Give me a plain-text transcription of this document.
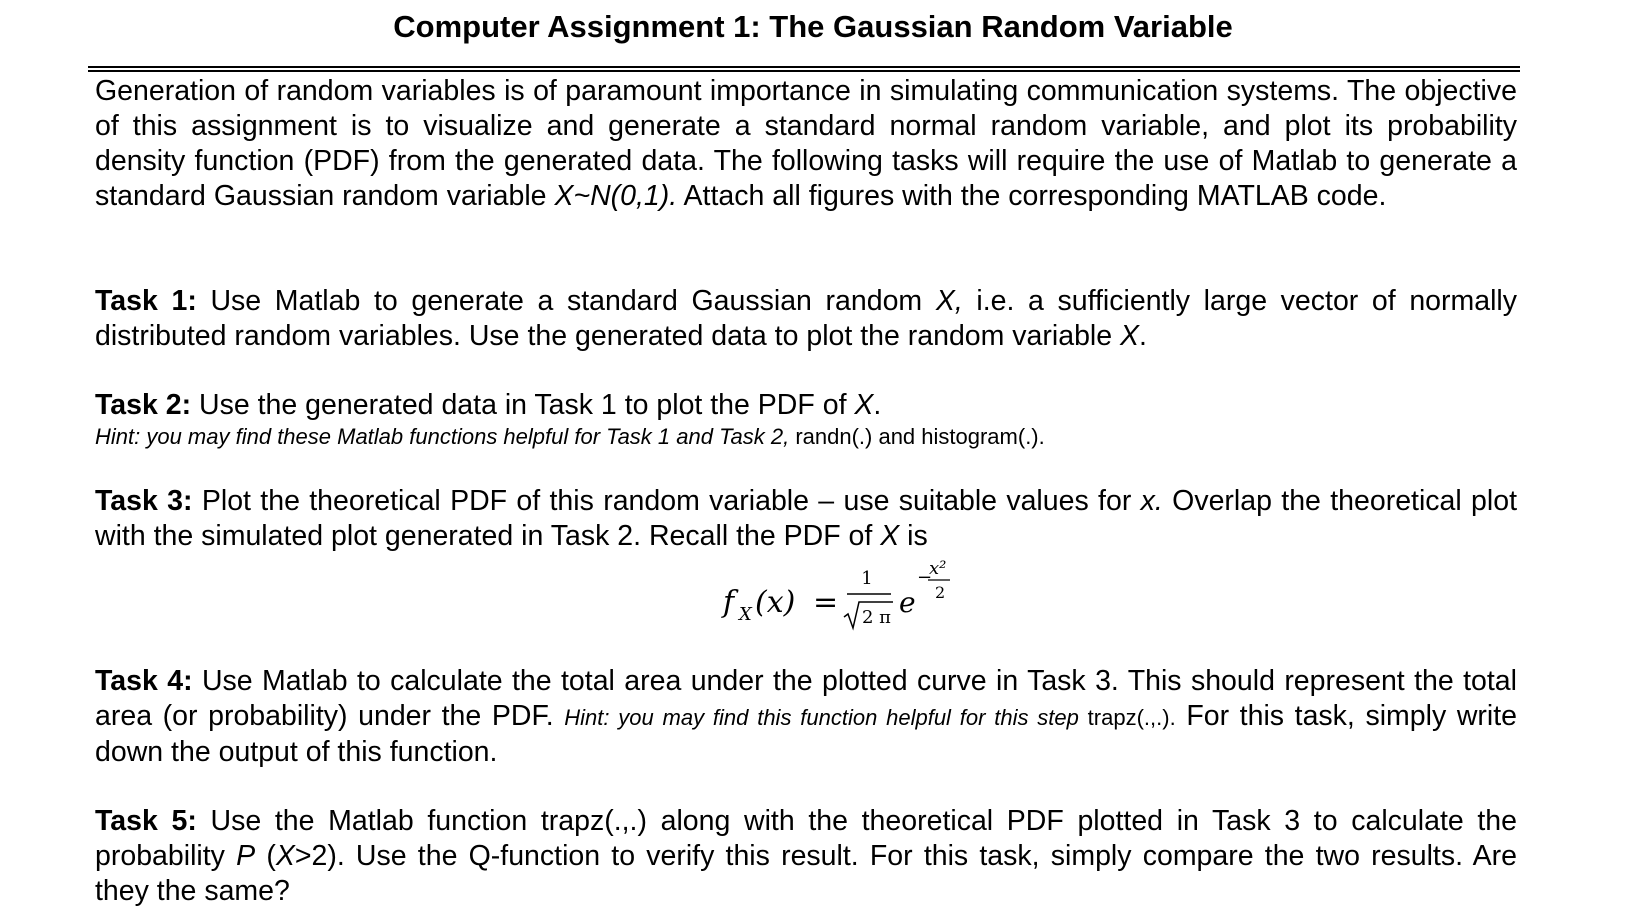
Computer Assignment 1: The Gaussian Random Variable
Generation of random variables is of paramount importance in simulating communication systems. The objective of this assignment is to visualize and generate a standard normal random variable, and plot its probability density function (PDF) from the generated data. The following tasks will require the use of Matlab to generate a standard Gaussian random variable X~N(0,1). Attach all figures with the corresponding MATLAB code.
Task 1: Use Matlab to generate a standard Gaussian random X, i.e. a sufficiently large vector of normally distributed random variables. Use the generated data to plot the random variable X.
Task 2: Use the generated data in Task 1 to plot the PDF of X.
Hint: you may find these Matlab functions helpful for Task 1 and Task 2, randn(.) and histogram(.).
Task 3: Plot the theoretical PDF of this random variable – use suitable values for x. Overlap the theoretical plot with the simulated plot generated in Task 2. Recall the PDF of X is
f X (x) =
1
2 π e
−
x²
2
Task 4: Use Matlab to calculate the total area under the plotted curve in Task 3. This should represent the total area (or probability) under the PDF. Hint: you may find this function helpful for this step trapz(.,.). For this task, simply write down the output of this function.
Task 5: Use the Matlab function trapz(.,.) along with the theoretical PDF plotted in Task 3 to calculate the probability P (X>2). Use the Q-function to verify this result. For this task, simply compare the two results. Are they the same?
